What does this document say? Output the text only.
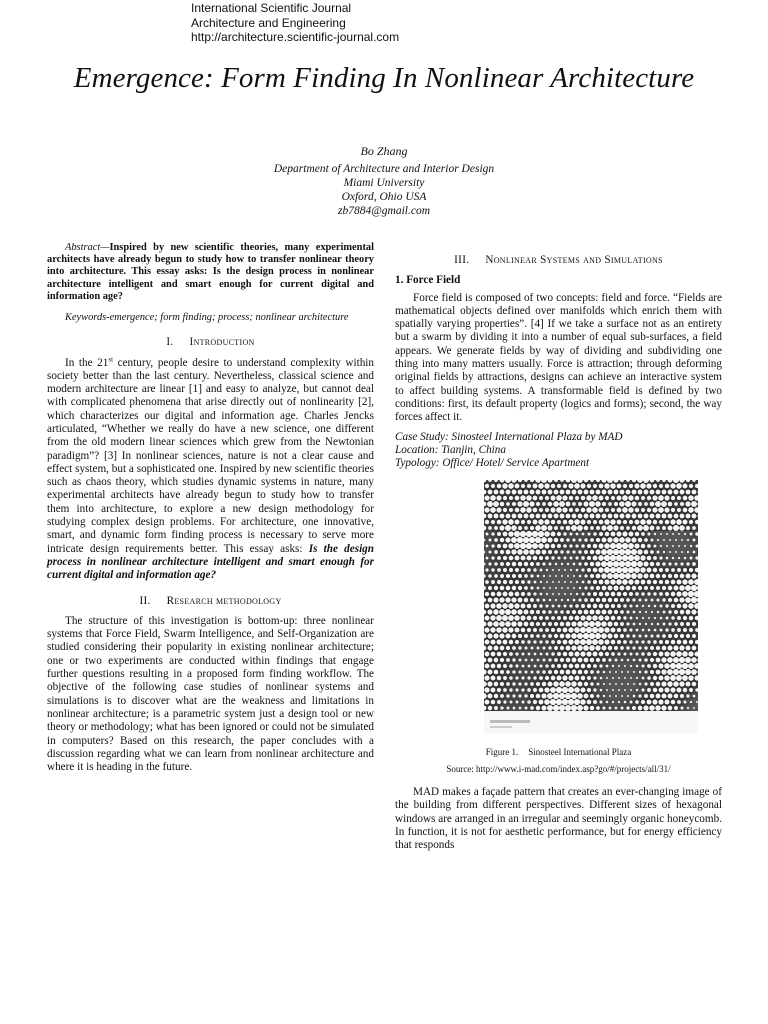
International Scientific Journal
Architecture and Engineering
http://architecture.scientific-journal.com
Emergence: Form Finding In Nonlinear Architecture
Bo Zhang
Department of Architecture and Interior Design
Miami University
Oxford, Ohio USA
zb7884@gmail.com

Abstract—Inspired by new scientific theories, many experimental architects have already begun to study how to transfer nonlinear theory into architecture. This essay asks: Is the design process in nonlinear architecture intelligent and smart enough for current digital and information age?

Keywords-emergence; form finding; process; nonlinear architecture

I. Introduction

In the 21st century, people desire to understand complexity within society better than the last century. Nevertheless, classical science and modern architecture are linear [1] and easy to analyze, but cannot deal with complicated phenomena that arise directly out of nonlinearity [2], which characterizes our digital and information age. Charles Jencks articulated, “Whether we really do have a new science, one different from the old modern linear sciences which grew from the Newtonian paradigm”? [3] In nonlinear sciences, nature is not a clear cause and effect system, but a sophisticated one. Inspired by new scientific theories such as chaos theory, which studies dynamic systems in nature, many experimental architects have already begun to study how to transfer them into architecture, to explore a new design methodology for studying complex design problems. For architecture, one innovative, smart, and dynamic form finding process is necessary to serve more intricate design requirements better. This essay asks: Is the design process in nonlinear architecture intelligent and smart enough for current digital and information age?

II. Research methodology

The structure of this investigation is bottom-up: three nonlinear systems that Force Field, Swarm Intelligence, and Self-Organization are studied considering their popularity in existing nonlinear architecture; one or two experiments are conducted within findings that engage further questions resulting in a proposed form finding workflow. The objective of the following case studies of nonlinear systems and simulations is to discover what are the weakness and limitations in nonlinear architecture; is a parametric system just a design tool or new theory or methodology; what has been ignored or could not be simulated in computers? Based on this research, the paper concludes with a discussion regarding what we can learn from nonlinear architecture and where it is heading in the future.

III. Nonlinear Systems and Simulations
1. Force Field

Force field is composed of two concepts: field and force. “Fields are mathematical objects defined over manifolds which enrich them with spatially varying properties”. [4] If we take a surface not as an entirety but a swarm by dividing it into a number of equal sub-surfaces, a field appears. We generate fields by way of dividing and subdividing one thing into many matters usually. Force is attraction; through deforming original fields by attractions, designs can achieve an interactive system to affect building systems. A transformable field is defined by two conditions: first, its default property (logics and forms); second, the way forces affect it.

Case Study: Sinosteel International Plaza by MAD
Location: Tianjin, China
Typology: Office/ Hotel/ Service Apartment
Figure 1. Sinosteel International Plaza
Source: http://www.i-mad.com/index.asp?go/#/projects/all/31/

MAD makes a façade pattern that creates an ever-changing image of the building from different perspectives. Different sizes of hexagonal windows are arranged in an irregular and seemingly organic honeycomb. In function, it is not for aesthetic performance, but for energy efficiency that responds
